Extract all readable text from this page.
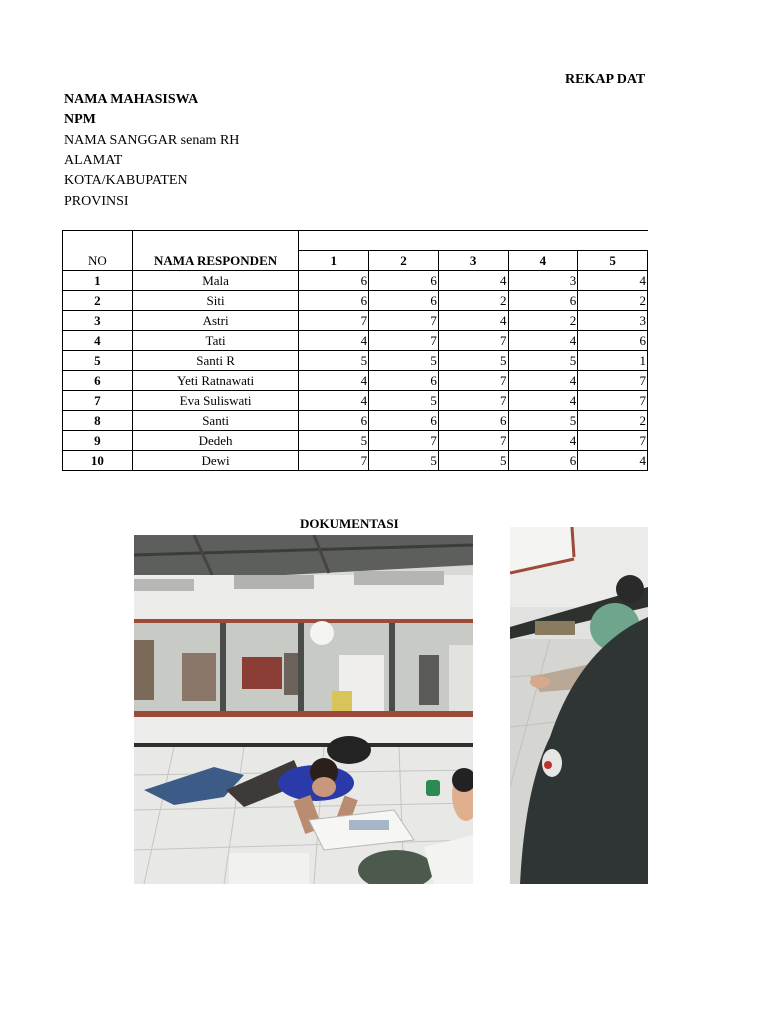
REKAP DAT
NAMA MAHASISWA
NPM
NAMA SANGGAR senam RH
ALAMAT
KOTA/KABUPATEN
PROVINSI
NO	NAMA RESPONDEN					
		1	2	3	4	5
1	Mala	6	6	4	3	4
2	Siti	6	6	2	6	2
3	Astri	7	7	4	2	3
4	Tati	4	7	7	4	6
5	Santi R	5	5	5	5	1
6	Yeti Ratnawati	4	6	7	4	7
7	Eva Suliswati	4	5	7	4	7
8	Santi	6	6	6	5	2
9	Dedeh	5	7	7	4	7
10	Dewi	7	5	5	6	4
DOKUMENTASI
